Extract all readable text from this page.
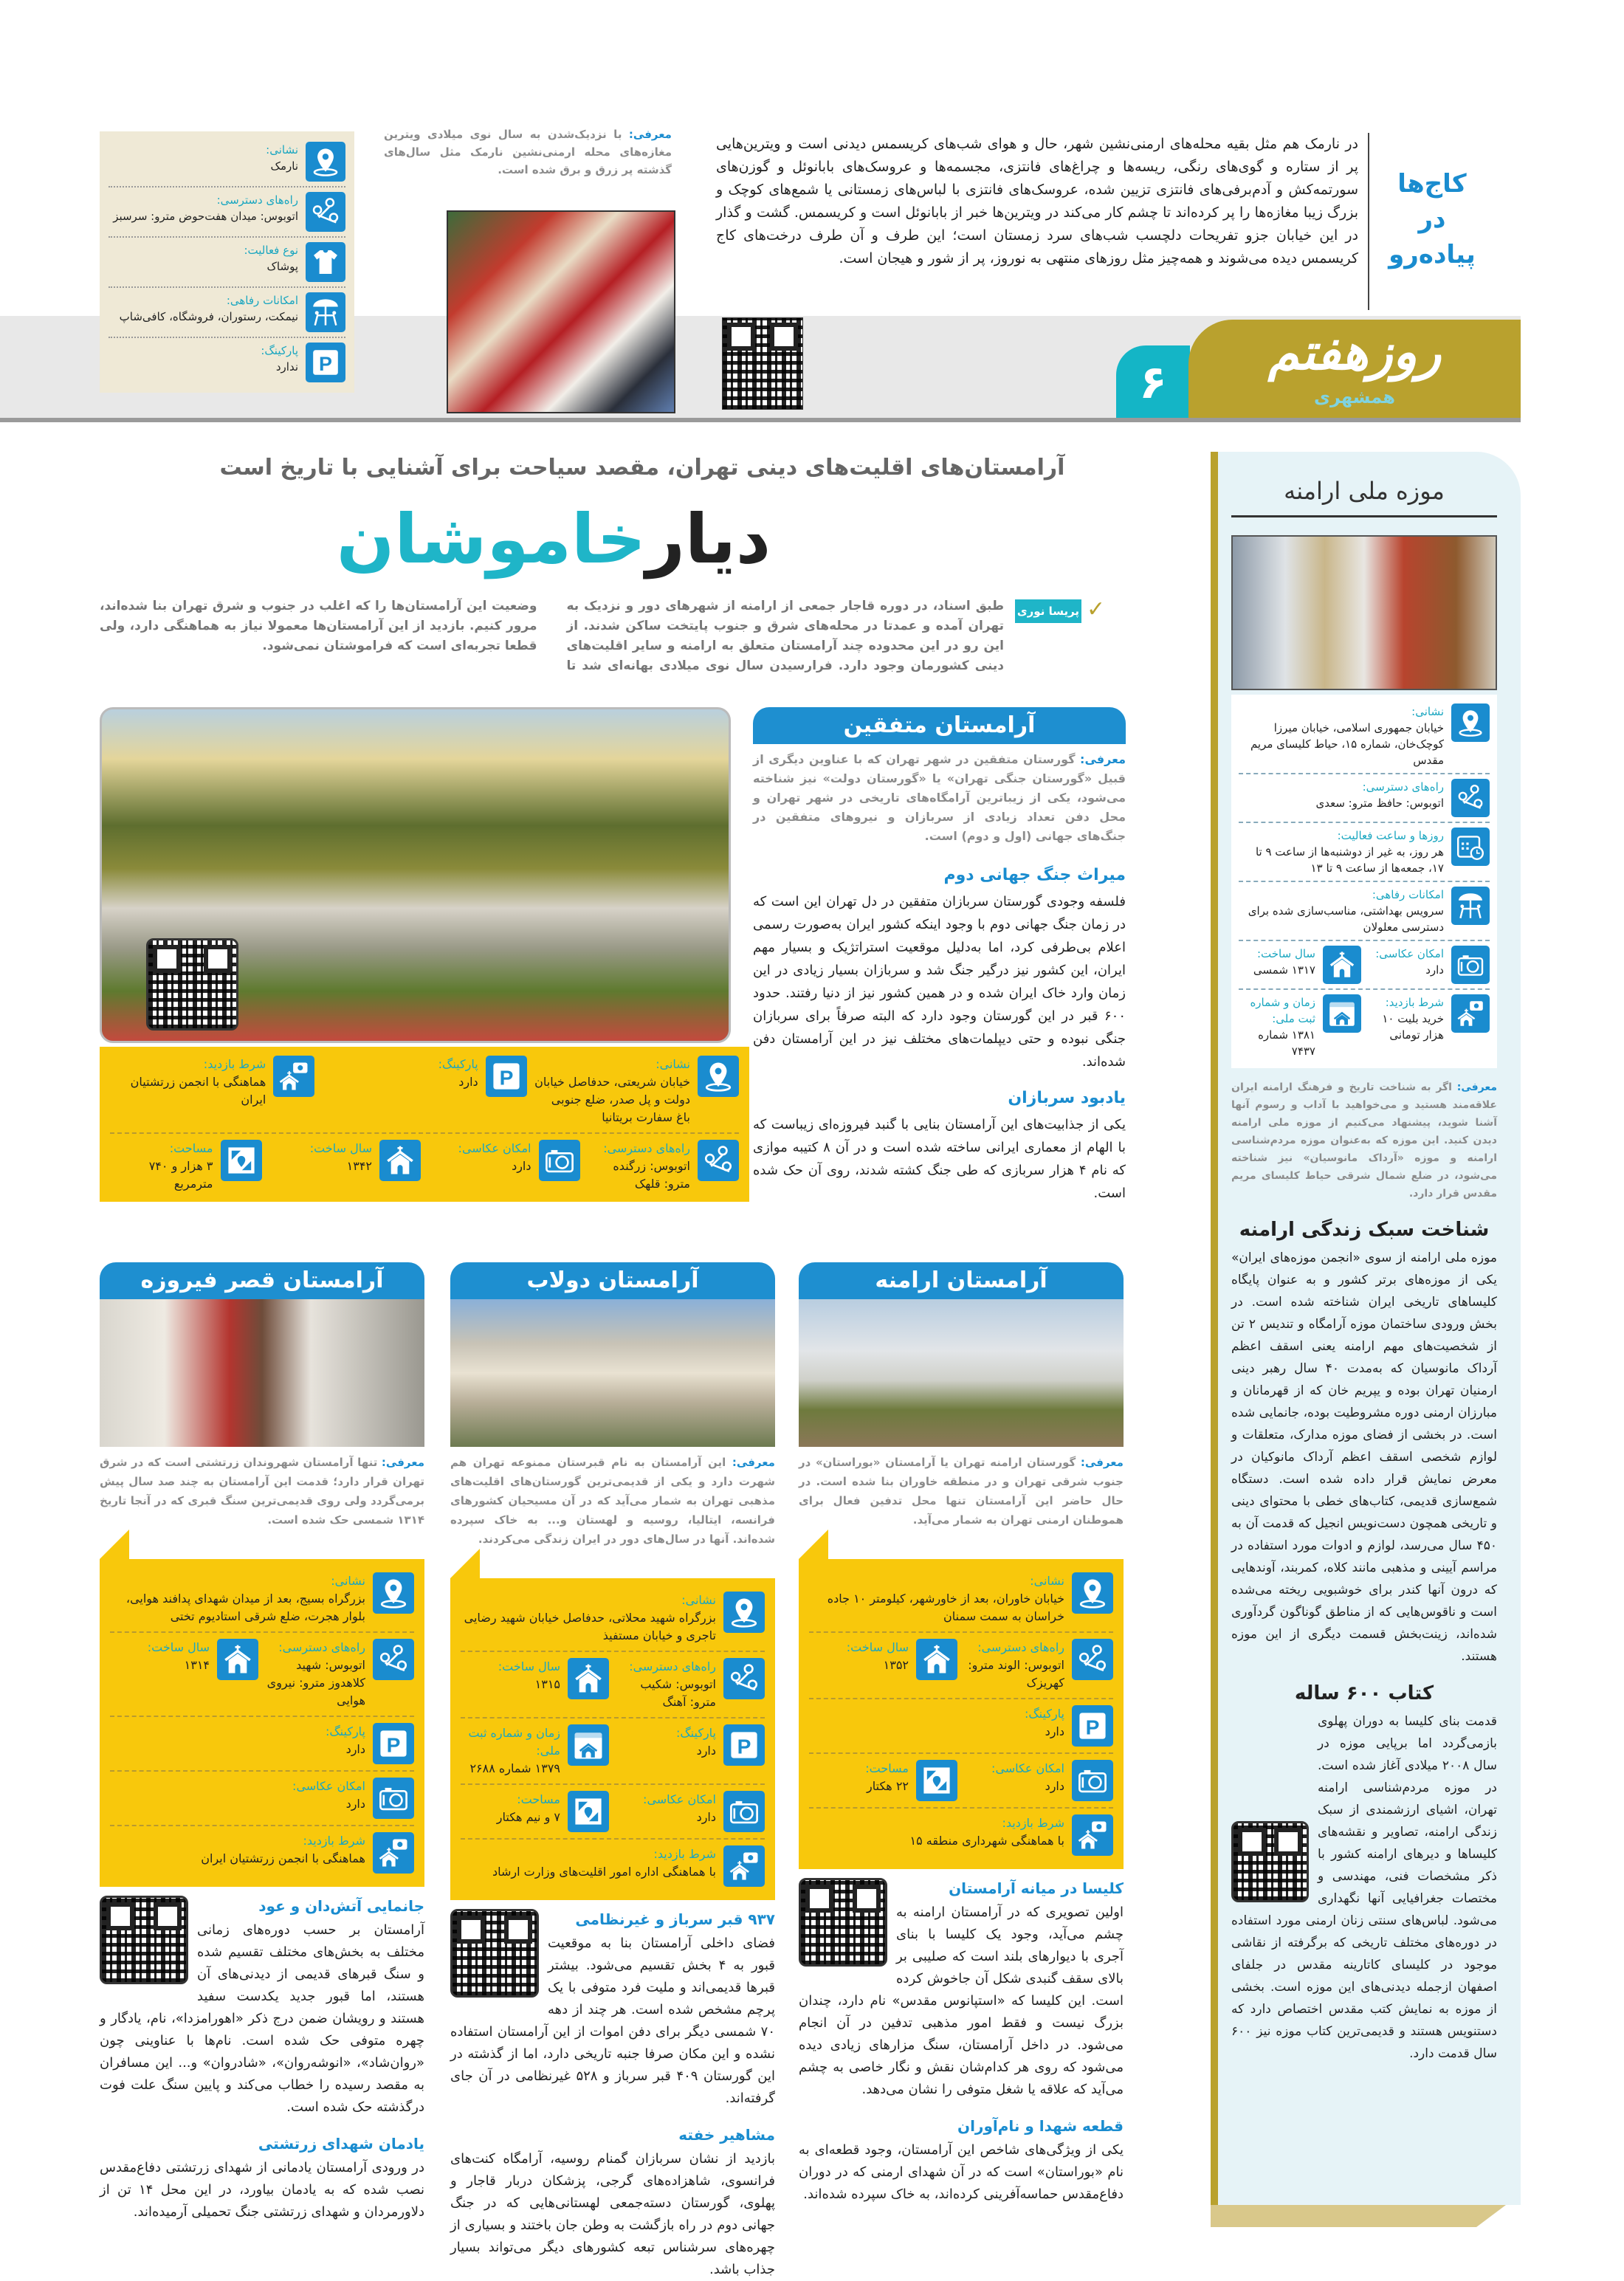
۶
روزهفتم
همشهری
کاج‌ها
در پیاده‌رو
در نارمک هم مثل بقیه محله‌های ارمنی‌نشین شهر، حال و هوای شب‌های کریسمس دیدنی است و ویترین‌هایی پر از ستاره و گوی‌های رنگی، ریسه‌ها و چراغ‌های فانتزی، مجسمه‌ها و عروسک‌های بابانوئل و گوزن‌های سورتمه‌کش و آدم‌برفی‌های فانتزی تزیین شده، عروسک‌های فانتزی با لباس‌های زمستانی یا شمع‌های کوچک و بزرگ زیبا مغازه‌ها را پر کرده‌اند تا چشم کار می‌کند در ویترین‌ها خبر از بابانوئل است و کریسمس. گشت و گذار در این خیابان جزو تفریحات دلچسب شب‌های سرد زمستان است؛ این طرف و آن طرف درخت‌های کاج کریسمس دیده می‌شوند و همه‌چیز مثل روزهای منتهی به نوروز، پر از شور و هیجان است.
معرفی: با نزدیک‌شدن به سال نوی میلادی ویترین مغازه‌های محله ارمنی‌نشین نارمک مثل سال‌های گذشته پر زرق و برق شده است.
نشانی:
نارمک
راه‌های دسترسی:
اتوبوس: میدان هفت‌حوض مترو: سرسبز
نوع فعالیت:
پوشاک
امکانات رفاهی:
نیمکت، رستوران، فروشگاه، کافی‌شاپ
پارکینگ:
ندارد
آرامستان‌های اقلیت‌های دینی تهران، مقصد سیاحت برای آشنایی با تاریخ است
دیارخاموشان
پریسا نوری ✓
طبق اسناد، در دوره قاجار جمعی از ارامنه از شهرهای دور و نزدیک به تهران آمده و عمدتا در محله‌های شرق و جنوب پایتخت ساکن شدند. از این رو در این محدوده چند آرامستان متعلق به ارامنه و سایر اقلیت‌های دینی کشورمان وجود دارد. فرارسیدن سال نوی میلادی بهانه‌ای شد تا وضعیت این آرامستان‌ها را که اغلب در جنوب و شرق تهران بنا شده‌اند، مرور کنیم. بازدید از این آرامستان‌ها معمولا نیاز به هماهنگی دارد، ولی قطعا تجربه‌ای است که فراموشتان نمی‌شود.
نشانی:
خیابان شریعتی، حدفاصل خیابان دولت و پل صدر، ضلع جنوبی باغ سفارت بریتانیا
پارکینگ:
دارد
شرط بازدید:
هماهنگی با انجمن زرتشتیان ایران
راه‌های دسترسی:
اتوبوس: زرگنده مترو: قلهک
امکان عکاسی:
دارد
سال ساخت:
۱۳۴۲
مساحت:
۳ هزار و ۷۴۰ مترمربع
آرامستان متفقین
معرفی: گورستان متفقین در شهر تهران که با عناوین دیگری از قبیل «گورستان جنگی تهران» یا «گورستان دولت» نیز شناخته می‌شود، یکی از زیباترین آرامگاه‌های تاریخی در شهر تهران و محل دفن تعداد زیادی از سربازان و نیروهای متفقین در جنگ‌های جهانی (اول و دوم) است.
میراث جنگ جهانی دوم
فلسفه وجودی گورستان سربازان متفقین در دل تهران این است که در زمان جنگ جهانی دوم با وجود اینکه کشور ایران به‌صورت رسمی اعلام بی‌طرفی کرد، اما به‌دلیل موقعیت استراتژیک و بسیار مهم ایران، این کشور نیز درگیر جنگ شد و سربازان بسیار زیادی در این زمان وارد خاک ایران شده و در همین کشور نیز از دنیا رفتند. حدود ۶۰۰ قبر در این گورستان وجود دارد که البته صرفاً برای سربازان جنگی نبوده و حتی دیپلمات‌های مختلف نیز در این آرامستان دفن شده‌اند.
یادبود سربازان
یکی از جذابیت‌های این آرامستان بنایی با گنبد فیروزه‌ای زیباست که با الهام از معماری ایرانی ساخته شده است و در آن ۸ کتیبه موازی که نام ۴ هزار سربازی که طی جنگ کشته شدند، روی آن حک شده است.
آرامستان ارامنه
معرفی: گورستان ارامنه تهران یا آرامستان «بوراستان» در جنوب شرقی تهران و در منطقه خاوران بنا شده است. در حال حاضر این آرامستان تنها محل تدفین فعال برای هموطنان ارمنی تهران به شمار می‌آید.
نشانی:
خیابان خاوران، بعد از خاورشهر، کیلومتر ۱۰ جاده خراسان به سمت سمنان
راه‌های دسترسی:
اتوبوس: الوند مترو: کهریزک
سال ساخت:
۱۳۵۲
پارکینگ:
دارد
امکان عکاسی:
دارد
مساحت:
۲۲ هکتار
شرط بازدید:
با هماهنگی شهرداری منطقه ۱۵
کلیسا در میانه آرامستان
اولین تصویری که در آرامستان ارامنه به چشم می‌آید، وجود یک کلیسا با بنای آجری با دیوارهای بلند است که صلیبی بر بالای سقف گنبدی شکل آن جاخوش کرده است. این کلیسا که «استپانوس مقدس» نام دارد، چندان بزرگ نیست و فقط امور مذهبی تدفین در آن انجام می‌شود. در داخل آرامستان، سنگ مزارهای زیادی دیده می‌شود که روی هر کدام‌شان نقش و نگار خاصی به چشم می‌آید که علاقه یا شغل متوفی را نشان می‌دهد.
قطعه شهدا و نام‌آوران
یکی از ویژگی‌های شاخص این آرامستان، وجود قطعه‌ای به نام «بوراستان» است که در آن شهدای ارمنی که در دوران دفاع‌مقدس حماسه‌آفرینی کرده‌اند، به خاک سپرده شده‌اند.
آرامستان دولاب
معرفی: این آرامستان به نام قبرستان ممنوعه تهران هم شهرت دارد و یکی از قدیمی‌ترین گورستان‌های اقلیت‌های مذهبی تهران به شمار می‌آید که در آن مسیحیان کشورهای فرانسه، ایتالیا، روسیه و لهستان و... به خاک سپرده شده‌اند. آنها در سال‌های دور در ایران زندگی می‌کردند.
نشانی:
بزرگراه شهید محلاتی، حدفاصل خیابان شهید رضایی تاجری و خیابان مستفیذ
راه‌های دسترسی:
اتوبوس: شکیب مترو: آهنگ
سال ساخت:
۱۳۱۵
پارکینگ:
دارد
زمان و شماره ثبت ملی:
۱۳۷۹ شماره ۲۶۸۸
امکان عکاسی:
دارد
مساحت:
۷ و نیم هکتار
شرط بازدید:
با هماهنگی اداره امور اقلیت‌های وزارت ارشاد
۹۳۷ قبر سرباز و غیرنظامی
فضای داخلی آرامستان بنا به موقعیت قبور به ۴ بخش تقسیم می‌شود. بیشتر قبرها قدیمی‌اند و ملیت فرد متوفی با یک پرچم مشخص شده است. هر چند از دهه ۷۰ شمسی دیگر برای دفن اموات از این آرامستان استفاده نشده و این مکان صرفا جنبه تاریخی دارد، اما از گذشته در این گورستان ۴۰۹ قبر سرباز و ۵۲۸ غیرنظامی در آن جای گرفته‌اند.
مشاهیر خفته
بازدید از نشان سربازان گمنام روسیه، آرامگاه کنت‌های فرانسوی، شاهزاده‌های گرجی، پزشکان دربار قاجار و پهلوی، گورستان دسته‌جمعی لهستانی‌هایی که در جنگ جهانی دوم در راه بازگشت به وطن جان باختند و بسیاری از چهره‌های سرشناس تبعه کشورهای دیگر می‌تواند بسیار جذاب باشد.
آرامستان قصر فیروزه
معرفی: تنها آرامستان شهروندان زرتشتی است که در شرق تهران قرار دارد؛ قدمت این آرامستان به چند صد سال پیش برمی‌گردد ولی روی قدیمی‌ترین سنگ قبری که در آنجا تاریخ ۱۳۱۴ شمسی حک شده است.
نشانی:
بزرگراه بسیج، بعد از میدان شهدای پدافند هوایی، بلوار هجرت، ضلع شرقی استادیوم تختی
راه‌های دسترسی:
اتوبوس: شهید کلاهدوز مترو: نیروی هوایی
سال ساخت:
۱۳۱۴
پارکینگ:
دارد
امکان عکاسی:
دارد
شرط بازدید:
هماهنگی با انجمن زرتشتیان ایران
جانمایی آتش‌دان و عود
آرامستان بر حسب دوره‌های زمانی مختلف به بخش‌های مختلف تقسیم شده و سنگ قبرهای قدیمی از دیدنی‌های آن هستند، اما قبور جدید یکدست سفید هستند و رویشان ضمن درج ذکر «اهورامزدا»، نام، یادگار و چهره متوفی حک شده است. نام‌ها با عناوینی چون «روان‌شاد»، «انوشه‌روان»، «شادروان» و... این مسافران به مقصد رسیده را خطاب می‌کند و پایین سنگ علت فوت درگذشته حک شده است.
یادمان شهدای زرتشتی
در ورودی آرامستان یادمانی از شهدای زرتشتی دفاع‌مقدس نصب شده که به یادمان بیاورد، در این محل ۱۴ تن از دلاورمردان و شهدای زرتشتی جنگ تحمیلی آرمیده‌اند.
موزه ملی ارامنه
نشانی:
خیابان جمهوری اسلامی، خیابان میرزا کوچک‌خان، شماره ۱۵، حیاط کلیسای مریم مقدس
راه‌های دسترسی:
اتوبوس: حافظ مترو: سعدی
روزها و ساعت فعالیت:
هر روز، به غیر از دوشنبه‌ها از ساعت ۹ تا ۱۷، جمعه‌ها از ساعت ۹ تا ۱۳
امکانات رفاهی:
سرویس بهداشتی، مناسب‌سازی شده برای دسترسی معلولان
امکان عکاسی:
دارد
سال ساخت:
۱۳۱۷ شمسی
شرط بازدید:
خرید بلیت ۱۰ هزار تومانی
زمان و شماره ثبت ملی:
۱۳۸۱ شماره ۷۴۳۷
معرفی: اگر به شناخت تاریخ و فرهنگ ارامنه ایران علاقه‌مند هستید و می‌خواهید با آداب و رسوم آنها آشنا شوید، پیشنهاد می‌کنیم از موزه ملی ارامنه دیدن کنید. این موزه که به‌عنوان موزه مردم‌شناسی ارامنه و موزه «آرداک مانوسیان» نیز شناخته می‌شود، در ضلع شمال شرقی حیاط کلیسای مریم مقدس قرار دارد.
شناخت سبک زندگی ارامنه
موزه ملی ارامنه از سوی «انجمن موزه‌های ایران» یکی از موزه‌های برتر کشور و به عنوان پایگاه کلیساهای تاریخی ایران شناخته شده است. در بخش ورودی ساختمان موزه آرامگاه و تندیس ۲ تن از شخصیت‌های مهم ارامنه یعنی اسقف اعظم آرداک مانوسیان که به‌مدت ۴۰ سال رهبر دینی ارمنیان تهران بوده و یپریم خان که از قهرمانان و مبارزان ارمنی دوره مشروطیت بوده، جانمایی شده است. در بخشی از فضای موزه مدارک، متعلقات و لوازم شخصی اسقف اعظم آرداک مانوکیان در معرض نمایش قرار داده شده است. دستگاه شمع‌سازی قدیمی، کتاب‌های خطی با محتوای دینی و تاریخی همچون دست‌نویس انجیل که قدمت آن به ۴۵۰ سال می‌رسد، لوازم و ادوات مورد استفاده در مراسم آیینی و مذهبی مانند کلاه، کمربند، آوندهایی که درون آنها کندر برای خوشبویی ریخته می‌شده است و ناقوس‌هایی که از مناطق گوناگون گردآوری شده‌اند، زینت‌بخش قسمت دیگری از این موزه هستند.
کتاب ۶۰۰ ساله
قدمت بنای کلیسا به دوران پهلوی بازمی‌گردد اما برپایی موزه در سال ۲۰۰۸ میلادی آغاز شده است. در موزه مردم‌شناسی ارامنه تهران، اشیای ارزشمندی از سبک زندگی ارامنه، تصاویر و نقشه‌های کلیساها و دیرهای ارامنه کشور با ذکر مشخصات فنی، مهندسی و مختصات جغرافیایی آنها نگهداری می‌شود. لباس‌های سنتی زنان ارمنی مورد استفاده در دوره‌های مختلف تاریخی که برگرفته از نقاشی موجود در کلیسای کاتارینه مقدس در جلفای اصفهان ازجمله دیدنی‌های این موزه است. بخشی از موزه به نمایش کتب مقدس اختصاص دارد که دستنویس هستند و قدیمی‌ترین کتاب موزه نیز ۶۰۰ سال قدمت دارد.
